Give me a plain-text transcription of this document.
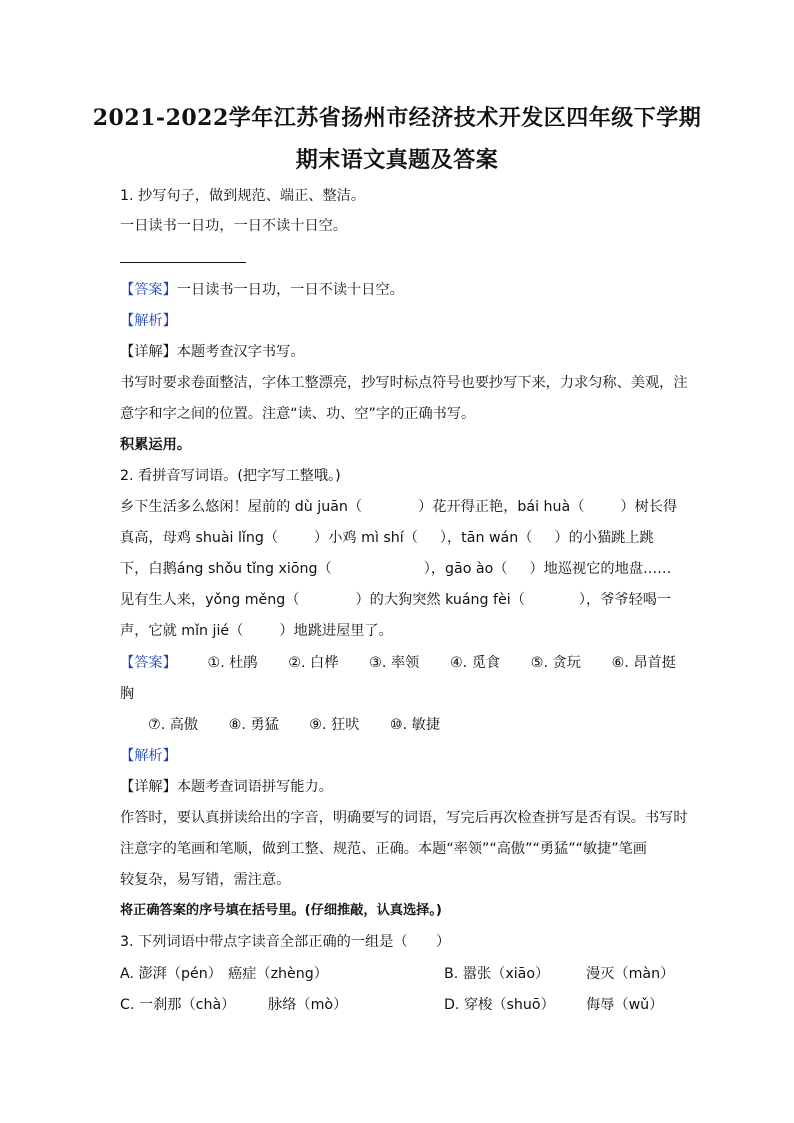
2021-2022学年江苏省扬州市经济技术开发区四年级下学期
期末语文真题及答案
1. 抄写句子，做到规范、端正、整洁。
一日读书一日功，一日不读十日空。
【答案】一日读书一日功，一日不读十日空。
【解析】
【详解】本题考查汉字书写。
书写时要求卷面整洁，字体工整漂亮，抄写时标点符号也要抄写下来，力求匀称、美观，注
意字和字之间的位置。注意“读、功、空”字的正确书写。
积累运用。
2. 看拼音写词语。(把字写工整哦。)
乡下生活多么悠闲！屋前的 dù juān（	）花开得正艳，bái huà（	）树长得
真高，母鸡 shuài lǐng（	）小鸡 mì shí（ ），tān wán（ ）的小猫跳上跳
下，白鹅áng shǒu tǐng xiōng（	），gāo ào（ ）地巡视它的地盘……
见有生人来，yǒng měng（	）的大狗突然 kuáng fèi（	），爷爷轻喝一
声，它就 mǐn jié（	）地跳进屋里了。
【答案】 ①. 杜鹃 ②. 白桦 ③. 率领 ④. 觅食 ⑤. 贪玩 ⑥. 昂首挺
胸
⑦. 高傲 ⑧. 勇猛 ⑨. 狂吠 ⑩. 敏捷
【解析】
【详解】本题考查词语拼写能力。
作答时，要认真拼读给出的字音，明确要写的词语，写完后再次检查拼写是否有误。书写时
注意字的笔画和笔顺，做到工整、规范、正确。本题“率领”“高傲”“勇猛”“敏捷”笔画
较复杂，易写错，需注意。
将正确答案的序号填在括号里。(仔细推敲，认真选择。)
3. 下列词语中带点字读音全部正确的一组是（　　）
A. 澎湃（pén） 癌症（zhèng）	B. 嚣张（xiāo）	漫灭（màn）
C. 一刹那（chà） 脉络（mò）	D. 穿梭（shuō） 侮辱（wǔ）
